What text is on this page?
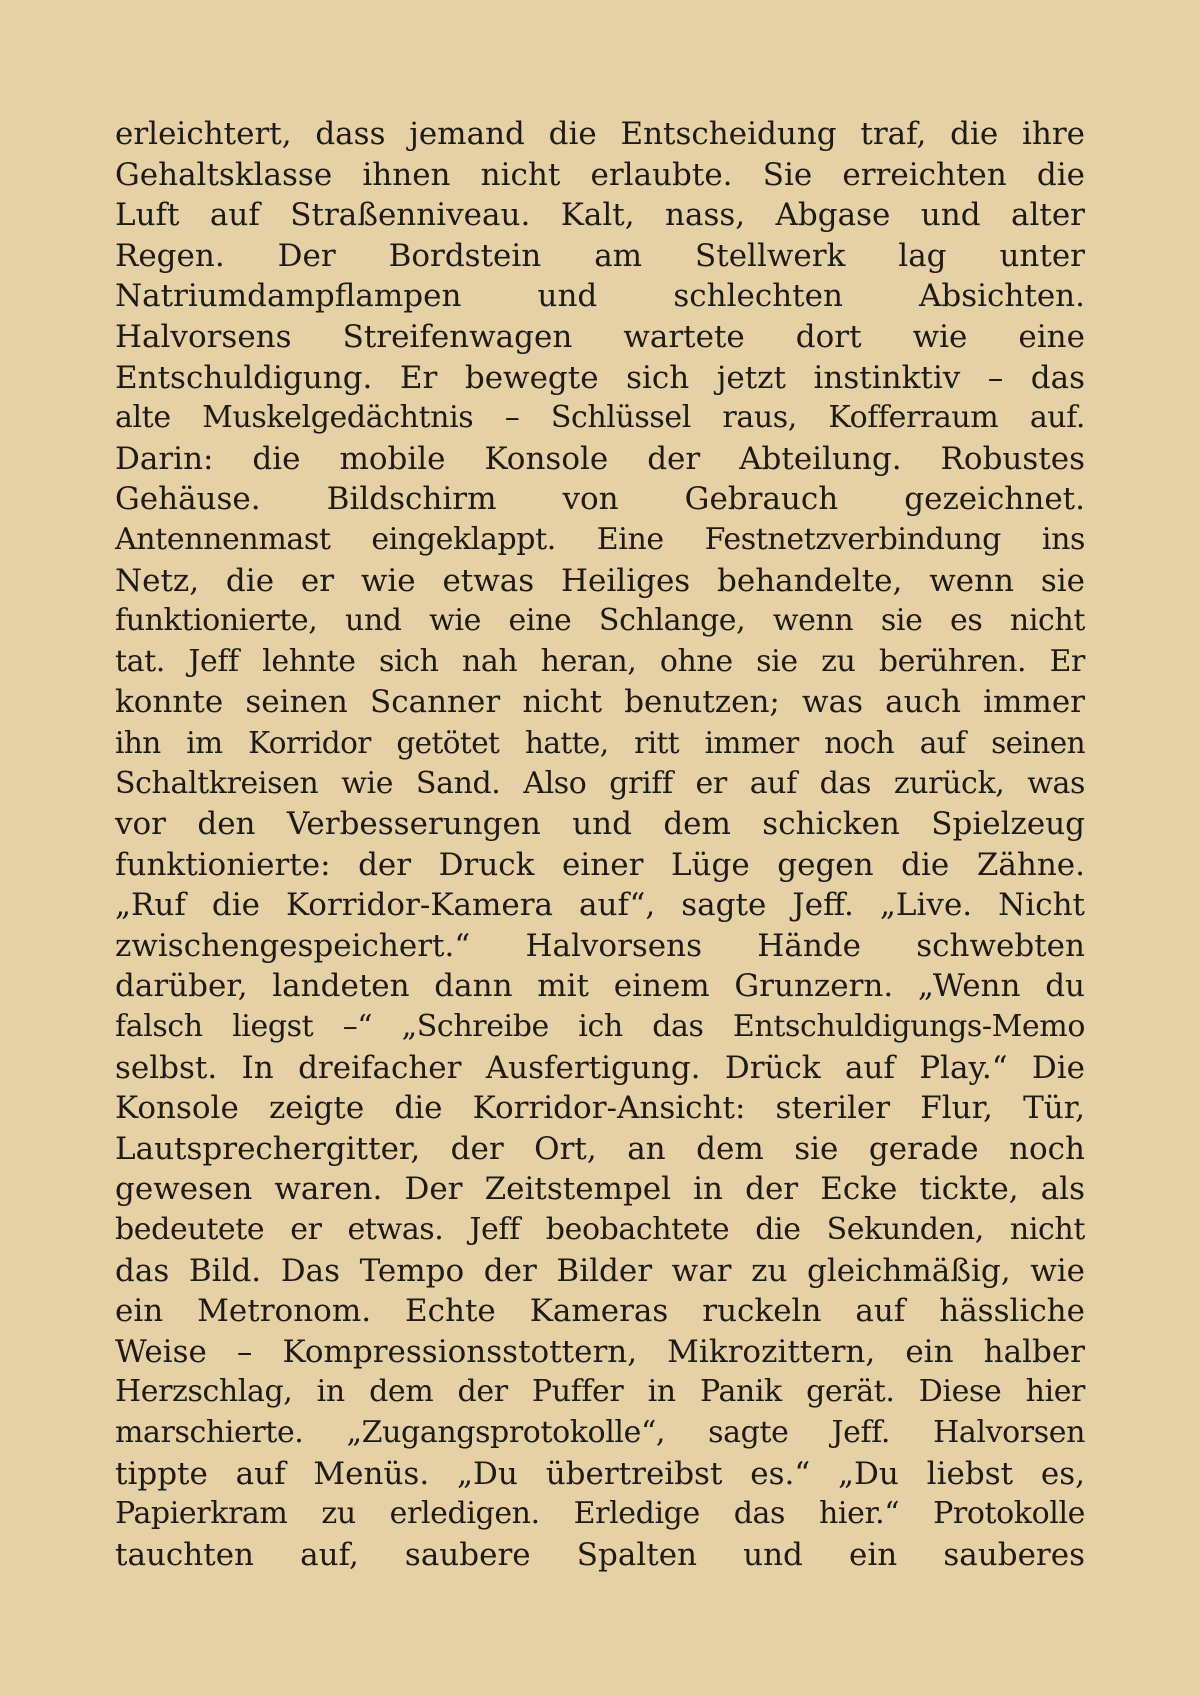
erleichtert, dass jemand die Entscheidung traf, die ihre
Gehaltsklasse ihnen nicht erlaubte. Sie erreichten die
Luft auf Straßenniveau. Kalt, nass, Abgase und alter
Regen. Der Bordstein am Stellwerk lag unter
Natriumdampflampen und schlechten Absichten.
Halvorsens Streifenwagen wartete dort wie eine
Entschuldigung. Er bewegte sich jetzt instinktiv – das
alte Muskelgedächtnis – Schlüssel raus, Kofferraum auf.
Darin: die mobile Konsole der Abteilung. Robustes
Gehäuse. Bildschirm von Gebrauch gezeichnet.
Antennenmast eingeklappt. Eine Festnetzverbindung ins
Netz, die er wie etwas Heiliges behandelte, wenn sie
funktionierte, und wie eine Schlange, wenn sie es nicht
tat. Jeff lehnte sich nah heran, ohne sie zu berühren. Er
konnte seinen Scanner nicht benutzen; was auch immer
ihn im Korridor getötet hatte, ritt immer noch auf seinen
Schaltkreisen wie Sand. Also griff er auf das zurück, was
vor den Verbesserungen und dem schicken Spielzeug
funktionierte: der Druck einer Lüge gegen die Zähne.
„Ruf die Korridor-Kamera auf“, sagte Jeff. „Live. Nicht
zwischengespeichert.“ Halvorsens Hände schwebten
darüber, landeten dann mit einem Grunzern. „Wenn du
falsch liegst –“ „Schreibe ich das Entschuldigungs-Memo
selbst. In dreifacher Ausfertigung. Drück auf Play.“ Die
Konsole zeigte die Korridor-Ansicht: steriler Flur, Tür,
Lautsprechergitter, der Ort, an dem sie gerade noch
gewesen waren. Der Zeitstempel in der Ecke tickte, als
bedeutete er etwas. Jeff beobachtete die Sekunden, nicht
das Bild. Das Tempo der Bilder war zu gleichmäßig, wie
ein Metronom. Echte Kameras ruckeln auf hässliche
Weise – Kompressionsstottern, Mikrozittern, ein halber
Herzschlag, in dem der Puffer in Panik gerät. Diese hier
marschierte. „Zugangsprotokolle“, sagte Jeff. Halvorsen
tippte auf Menüs. „Du übertreibst es.“ „Du liebst es,
Papierkram zu erledigen. Erledige das hier.“ Protokolle
tauchten auf, saubere Spalten und ein sauberes
